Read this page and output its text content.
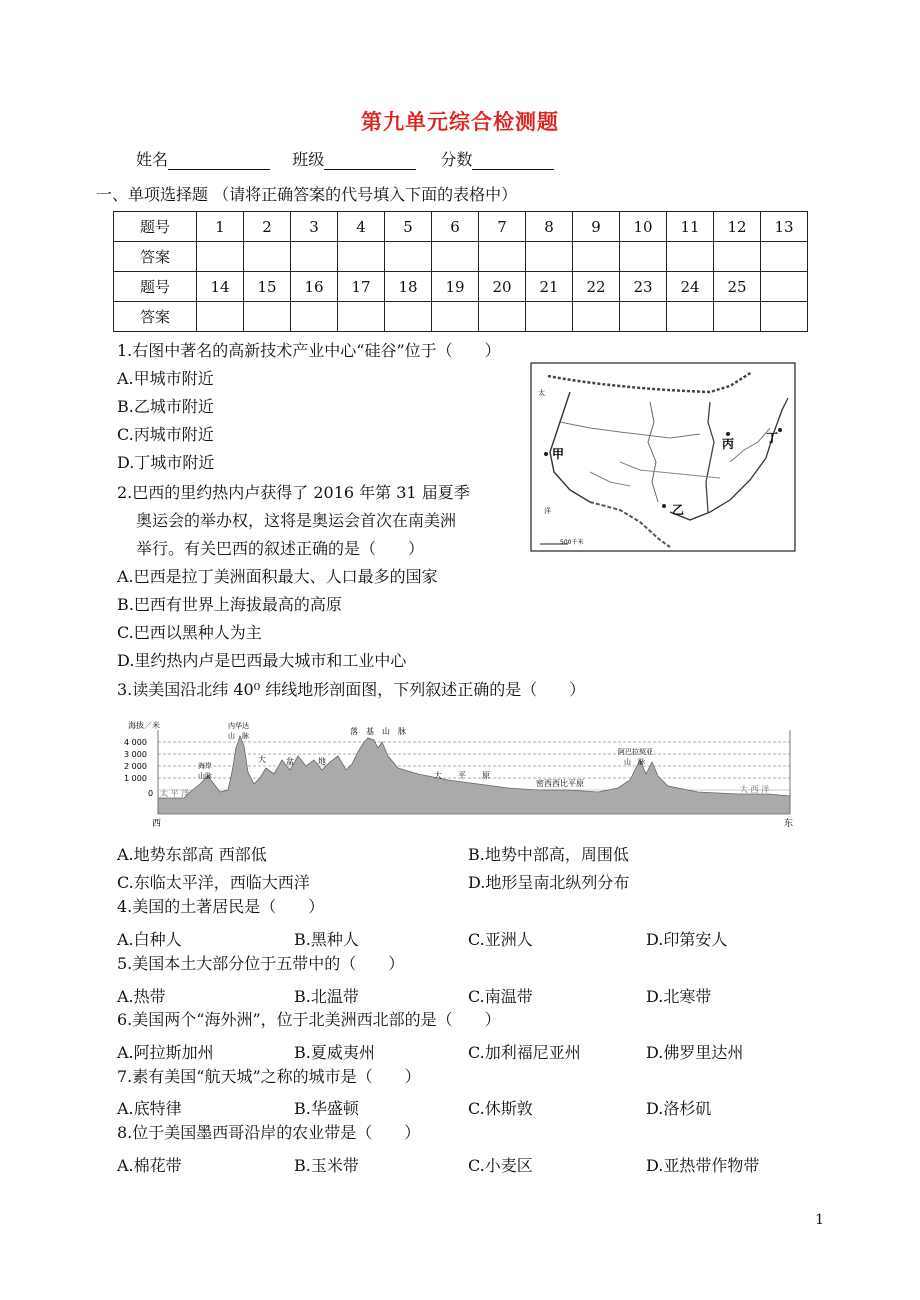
第九单元综合检测题
姓名	班级	分数
一、单项选择题 （请将正确答案的代号填入下面的表格中）
题号	1	2	3	4	5	6	7	8	9	10	11	12	13
答案													
题号	14	15	16	17	18	19	20	21	22	23	24	25	
答案													
1.右图中著名的高新技术产业中心“硅谷”位于（　　）
A.甲城市附近
B.乙城市附近
C.丙城市附近
D.丁城市附近
太
洋
甲
乙
丙	丁
500千米
2.巴西的里约热内卢获得了 2016 年第 31 届夏季
奥运会的举办权，这将是奥运会首次在南美洲
举行。有关巴西的叙述正确的是（　　）
A.巴西是拉丁美洲面积最大、人口最多的国家
B.巴西有世界上海拔最高的高原
C.巴西以黑种人为主
D.里约热内卢是巴西最大城市和工业中心
3.读美国沿北纬 40⁰ 纬线地形剖面图，下列叙述正确的是（　　）
海拔／米
4 000
3 000
2 000
1 000
0
西	东
太 平 洋
海岸
山脉
内华达
山　脉
大	盆	地
落　基　山　脉
大　　平　　原
密西西比平原
阿巴拉契亚
山　脉
大 西 洋
A.地势东部高 西部低	B.地势中部高，周围低
C.东临太平洋，西临大西洋	D.地形呈南北纵列分布
4.美国的土著居民是（　　）
A.白种人	B.黑种人	C.亚洲人	D.印第安人
5.美国本土大部分位于五带中的（　　）
A.热带	B.北温带	C.南温带	D.北寒带
6.美国两个“海外洲”，位于北美洲西北部的是（　　）
A.阿拉斯加州	B.夏威夷州	C.加利福尼亚州	D.佛罗里达州
7.素有美国“航天城”之称的城市是（　　）
A.底特律	B.华盛顿	C.休斯敦	D.洛杉矶
8.位于美国墨西哥沿岸的农业带是（　　）
A.棉花带	B.玉米带	C.小麦区	D.亚热带作物带
1
